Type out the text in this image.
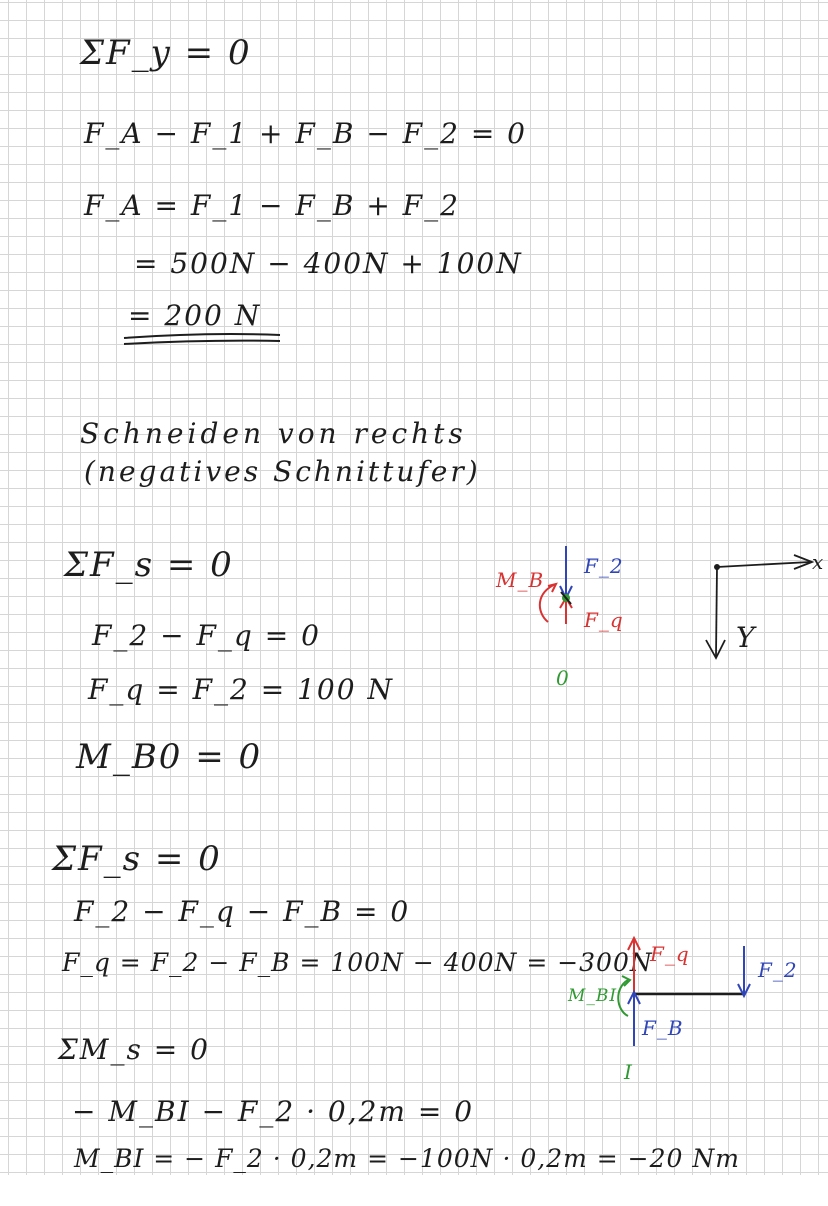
ΣF_y = 0

F_A − F_1 + F_B − F_2 = 0

F_A = F_1 − F_B + F_2

= 500N − 400N + 100N

= 200 N

Schneiden von rechts

(negatives Schnittufer)

ΣF_s = 0

F_2 − F_q = 0

F_q = F_2 = 100 N

M_B0 = 0

M_B

F_2

F_q

0

x

Y

ΣF_s = 0

F_2 − F_q − F_B = 0

F_q = F_2 − F_B = 100N − 400N = −300N

ΣM_s = 0

− M_BI − F_2 · 0,2m = 0

M_BI = − F_2 · 0,2m = −100N · 0,2m = −20 Nm

F_q

F_2

M_BI

F_B

I
